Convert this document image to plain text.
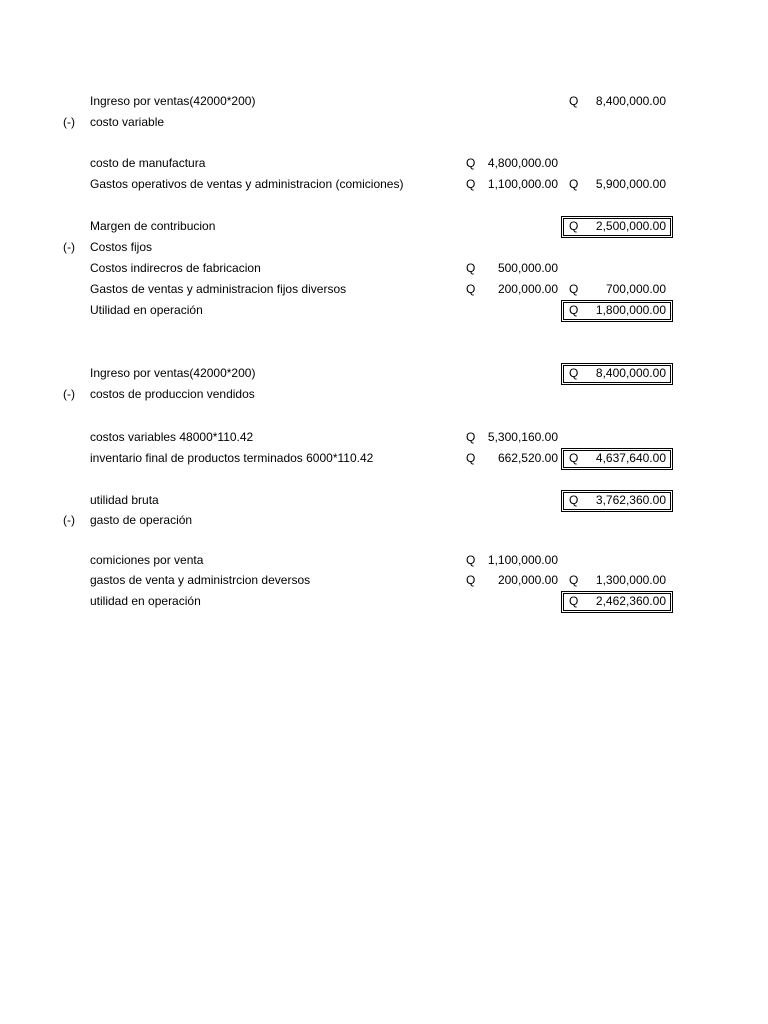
Ingreso por ventas(42000*200)	Q	8,400,000.00
(-) costo variable
costo de manufactura	Q	4,800,000.00
Gastos operativos de ventas y administracion (comiciones)	Q	1,100,000.00 Q	5,900,000.00
Margen de contribucion	Q	2,500,000.00
(-) Costos fijos
Costos indirecros de fabricacion	Q	500,000.00
Gastos de ventas y administracion fijos diversos	Q	200,000.00 Q	700,000.00
Utilidad en operación	Q	1,800,000.00
Ingreso por ventas(42000*200)	Q	8,400,000.00
(-) costos de produccion vendidos
costos variables 48000*110.42	Q	5,300,160.00
inventario final de productos terminados 6000*110.42	Q	662,520.00 Q	4,637,640.00
utilidad bruta	Q	3,762,360.00
(-) gasto de operación
comiciones por venta	Q	1,100,000.00
gastos de venta y administrcion deversos	Q	200,000.00 Q	1,300,000.00
utilidad en operación	Q	2,462,360.00
